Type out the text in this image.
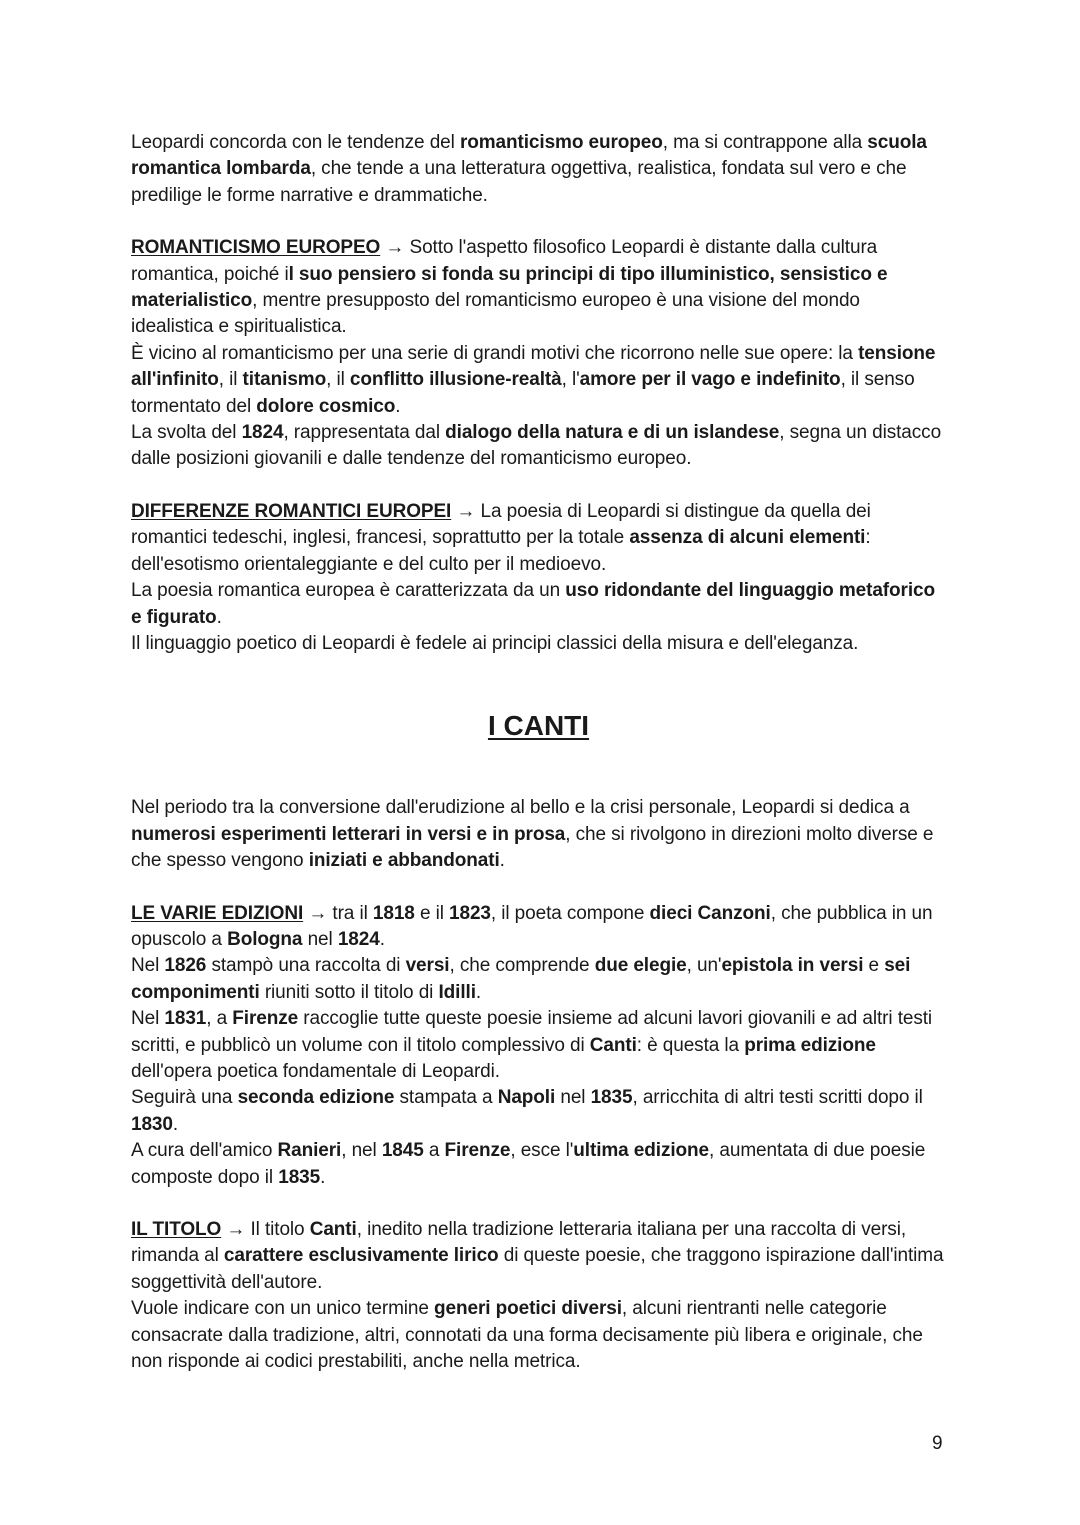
Leopardi concorda con le tendenze del romanticismo europeo, ma si contrappone alla scuola romantica lombarda, che tende a una letteratura oggettiva, realistica, fondata sul vero e che predilige le forme narrative e drammatiche.

ROMANTICISMO EUROPEO → Sotto l'aspetto filosofico Leopardi è distante dalla cultura romantica, poiché il suo pensiero si fonda su principi di tipo illuministico, sensistico e materialistico, mentre presupposto del romanticismo europeo è una visione del mondo idealistica e spiritualistica.

È vicino al romanticismo per una serie di grandi motivi che ricorrono nelle sue opere: la tensione all'infinito, il titanismo, il conflitto illusione-realtà, l'amore per il vago e indefinito, il senso tormentato del dolore cosmico.

La svolta del 1824, rappresentata dal dialogo della natura e di un islandese, segna un distacco dalle posizioni giovanili e dalle tendenze del romanticismo europeo.

DIFFERENZE ROMANTICI EUROPEI → La poesia di Leopardi si distingue da quella dei romantici tedeschi, inglesi, francesi, soprattutto per la totale assenza di alcuni elementi: dell'esotismo orientaleggiante e del culto per il medioevo.

La poesia romantica europea è caratterizzata da un uso ridondante del linguaggio metaforico e figurato.

Il linguaggio poetico di Leopardi è fedele ai principi classici della misura e dell'eleganza.

I CANTI

Nel periodo tra la conversione dall'erudizione al bello e la crisi personale, Leopardi si dedica a numerosi esperimenti letterari in versi e in prosa, che si rivolgono in direzioni molto diverse e che spesso vengono iniziati e abbandonati.

LE VARIE EDIZIONI → tra il 1818 e il 1823, il poeta compone dieci Canzoni, che pubblica in un opuscolo a Bologna nel 1824.

Nel 1826 stampò una raccolta di versi, che comprende due elegie, un'epistola in versi e sei componimenti riuniti sotto il titolo di Idilli.

Nel 1831, a Firenze raccoglie tutte queste poesie insieme ad alcuni lavori giovanili e ad altri testi scritti, e pubblicò un volume con il titolo complessivo di Canti: è questa la prima edizione dell'opera poetica fondamentale di Leopardi.

Seguirà una seconda edizione stampata a Napoli nel 1835, arricchita di altri testi scritti dopo il 1830.

A cura dell'amico Ranieri, nel 1845 a Firenze, esce l'ultima edizione, aumentata di due poesie composte dopo il 1835.

IL TITOLO → Il titolo Canti, inedito nella tradizione letteraria italiana per una raccolta di versi, rimanda al carattere esclusivamente lirico di queste poesie, che traggono ispirazione dall'intima soggettività dell'autore.

Vuole indicare con un unico termine generi poetici diversi, alcuni rientranti nelle categorie consacrate dalla tradizione, altri, connotati da una forma decisamente più libera e originale, che non risponde ai codici prestabiliti, anche nella metrica.

9
